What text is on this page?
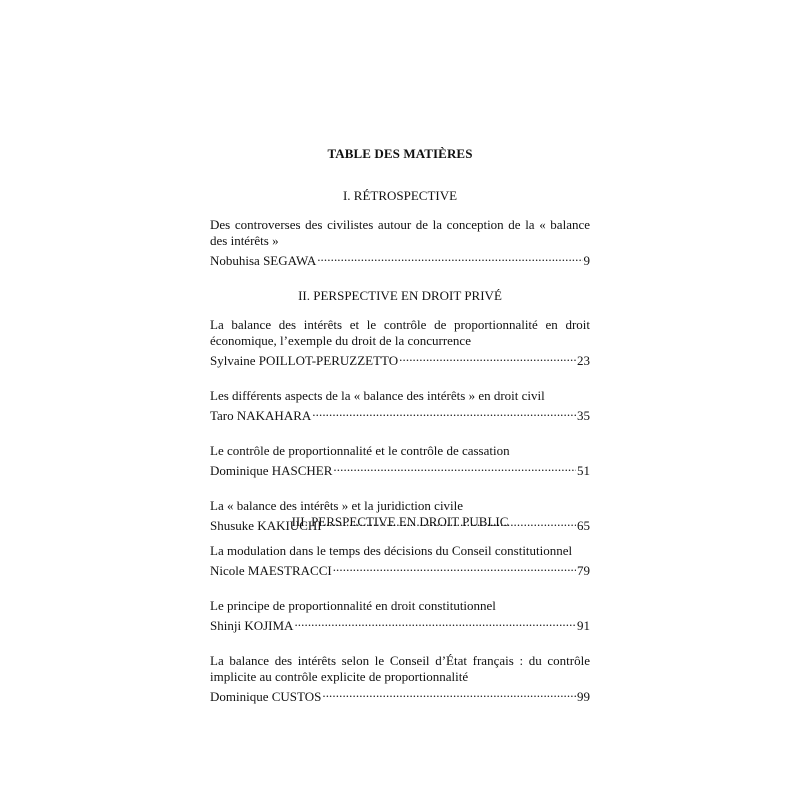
TABLE DES MATIÈRES
I. RÉTROSPECTIVE
Des controverses des civilistes autour de la conception de la « balance des intérêts »
Nobuhisa SEGAWA .....	9
II. PERSPECTIVE EN DROIT PRIVÉ
La balance des intérêts et le contrôle de proportionnalité en droit économique, l’exemple du droit de la concurrence
Sylvaine POILLOT-PERUZZETTO .....	23
Les différents aspects de la « balance des intérêts » en droit civil
Taro NAKAHARA .....	35
Le contrôle de proportionnalité et le contrôle de cassation
Dominique HASCHER .....	51
La « balance des intérêts » et la juridiction civile
Shusuke KAKIUCHI .....	65
III. PERSPECTIVE EN DROIT PUBLIC
La modulation dans le temps des décisions du Conseil constitutionnel
Nicole MAESTRACCI .....	79
Le principe de proportionnalité en droit constitutionnel
Shinji KOJIMA .....	91
La balance des intérêts selon le Conseil d’État français : du contrôle implicite au contrôle explicite de proportionnalité
Dominique CUSTOS .....	99
